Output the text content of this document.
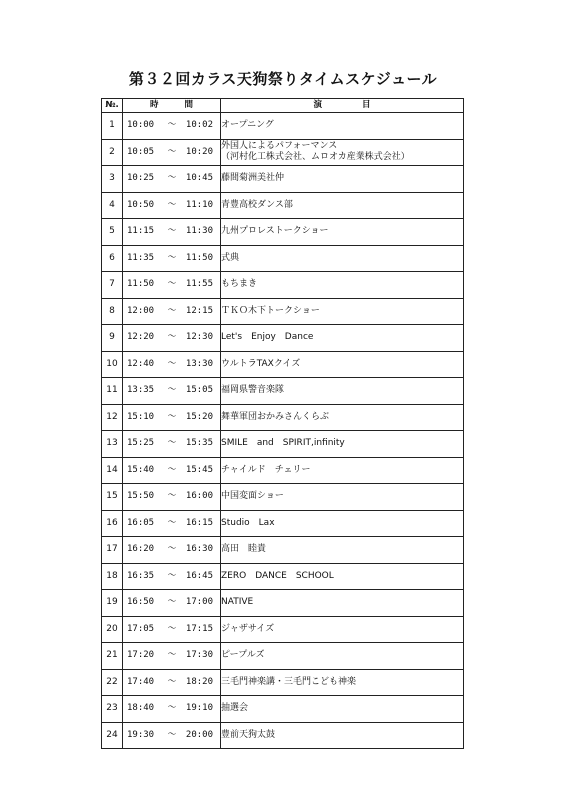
第３２回カラス天狗祭りタイムスケジュール
№.	時 間	演 目

1	10:00 ～ 10:02	オープニング

2	10:05 ～ 10:20	外国人によるパフォーマンス
（河村化工株式会社、ムロオカ産業株式会社）

3	10:25 ～ 10:45	藤間菊洲美社仲

4	10:50 ～ 11:10	青豊高校ダンス部

5	11:15 ～ 11:30	九州プロレストークショー

6	11:35 ～ 11:50	式典

7	11:50 ～ 11:55	もちまき

8	12:00 ～ 12:15	ＴＫＯ木下トークショー

9	12:20 ～ 12:30	Let's　Enjoy　Dance

10	12:40 ～ 13:30	ウルトラTAXクイズ

11	13:35 ～ 15:05	福岡県警音楽隊

12	15:10 ～ 15:20	舞華軍団おかみさんくらぶ

13	15:25 ～ 15:35	SMILE　and　SPIRIT,infinity

14	15:40 ～ 15:45	チャイルド　チェリー

15	15:50 ～ 16:00	中国変面ショー

16	16:05 ～ 16:15	Studio　Lax

17	16:20 ～ 16:30	高田　睦貴

18	16:35 ～ 16:45	ZERO　DANCE　SCHOOL

19	16:50 ～ 17:00	NATIVE

20	17:05 ～ 17:15	ジャザサイズ

21	17:20 ～ 17:30	ピープルズ

22	17:40 ～ 18:20	三毛門神楽講・三毛門こども神楽

23	18:40 ～ 19:10	抽選会

24	19:30 ～ 20:00	豊前天狗太鼓
